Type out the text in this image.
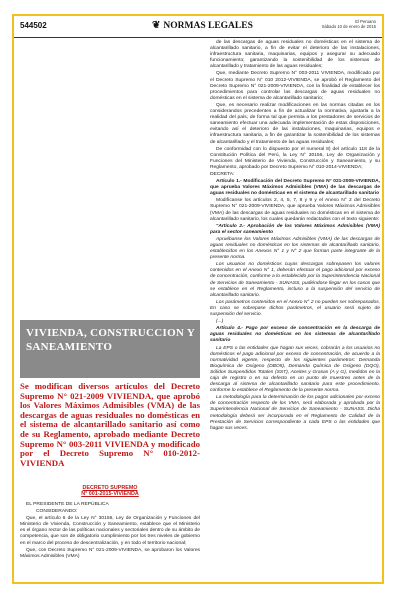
544502	❦ NORMAS LEGALES	El Peruano
Sábado 10 de enero de 2015

de las descargas de aguas residuales no domésticas en el sistema de alcantarillado sanitario, a fin de evitar el deterioro de las instalaciones, infraestructura sanitaria, maquinarias, equipos y asegurar su adecuado funcionamiento; garantizando la sostenibilidad de los sistemas de alcantarillado y tratamiento de las aguas residuales;

Que, mediante Decreto Supremo N° 003-2011 VIVIENDA, modificado por el Decreto Supremo N° 010 2012-VIVIENDA, se aprobó el Reglamento del Decreto Supremo N° 021-2009-VIVIENDA, con la finalidad de establecer los procedimientos para controlar las descargas de aguas residuales no domésticas en el sistema de alcantarillado sanitario;

Que, es necesario realizar modificaciones en las normas citadas en los considerandos precedentes a fin de actualizar la normativa, ajustarla a la realidad del país, de forma tal que permita a los prestadores de servicios de saneamiento efectuar una adecuada implementación de estas disposiciones, evitando así el deterioro de las instalaciones, maquinarias, equipos e infraestructura sanitaria, a fin de garantizar la sostenibilidad de los sistemas de alcantarillado y el tratamiento de las aguas residuales;

De conformidad con lo dispuesto por el numeral 8) del artículo 118 de la Constitución Política del Perú, la Ley N° 30156, Ley de Organización y Funciones del Ministerio de Vivienda, Construcción y Saneamiento, y su Reglamento, aprobado por Decreto Supremo N° 010-2014-VIVIENDA;

DECRETA:

Artículo 1.- Modificación del Decreto Supremo N° 021-2009-VIVIENDA, que aprueba Valores Máximos Admisibles (VMA) de las descargas de aguas residuales no domésticas en el sistema de alcantarillado sanitario

Modifícanse los artículos 2, 4, 5, 7, 8 y 9 y el Anexo N° 2 del Decreto Supremo N° 021-2009-VIVIENDA, que aprueba Valores Máximos Admisibles (VMA) de las descargas de aguas residuales no domésticas en el sistema de alcantarillado sanitario, los cuales quedarán redactados con el texto siguiente:

"Artículo 2.- Aprobación de los Valores Máximos Admisibles (VMA) para el sector saneamiento

Apruébanse los Valores Máximos Admisibles (VMA) de las descargas de aguas residuales no domésticas en los sistemas de alcantarillado sanitario, establecidos en los Anexos N° 1 y N° 2 que forman parte integrante de la presente norma.

Los usuarios no domésticos cuyas descargas sobrepasen los valores contenidos en el Anexo N° 1, deberán efectuar el pago adicional por exceso de concentración, conforme a lo establecido por la Superintendencia Nacional de Servicios de Saneamiento - SUNASS, pudiéndose llegar en los casos que se establece en el Reglamento, incluso a la suspensión del servicio de alcantarillado sanitario.

Los parámetros contenidos en el Anexo N° 2 no pueden ser sobrepasados. En caso se sobrepase dichos parámetros, el usuario será sujeto de suspensión del servicio.

(...)

Artículo 4.- Pago por exceso de concentración en la descarga de aguas residuales no domésticas en los sistemas de alcantarillado sanitario

La EPS o las entidades que hagan sus veces, cobrarán a los usuarios no domésticos el pago adicional por exceso de concentración, de acuerdo a la normatividad vigente, respecto de los siguientes parámetros: Demanda Bioquímica de Oxígeno (DBO5), Demanda Química de Oxígeno (DQO), Sólidos Suspendidos Totales (SST), Aceites y Grasas (A y G), medidos en la caja de registro o en su defecto en un punto de muestreo antes de la descarga al sistema de alcantarillado sanitario para este procedimiento, conforme lo establece el Reglamento de la presente norma.

La metodología para la determinación de los pagos adicionales por exceso de concentración respecto de los VMA, será elaborada y aprobada por la Superintendencia Nacional de Servicios de Saneamiento - SUNASS. Dicha metodología deberá ser incorporada en el Reglamento de Calidad de la Prestación de Servicios correspondiente a cada EPS o las entidades que hagan sus veces.

VIVIENDA, CONSTRUCCION Y SANEAMIENTO
Se modifican diversos artículos del Decreto Supremo N° 021-2009 VIVIENDA, que aprobó los Valores Máximos Admisibles (VMA) de las descargas de aguas residuales no domésticas en el sistema de alcantarillado sanitario así como de su Reglamento, aprobado mediante Decreto Supremo N° 003-2011 VIVIENDA y modificado por el Decreto Supremo N° 010-2012-VIVIENDA
DECRETO SUPREMO
N° 001-2015-VIVIENDA

EL PRESIDENTE DE LA REPÚBLICA

CONSIDERANDO:

Que, el artículo 6 de la Ley N° 30156, Ley de Organización y Funciones del Ministerio de Vivienda, Construcción y Saneamiento, establece que el Ministerio es el órgano rector de las políticas nacionales y sectoriales dentro de su ámbito de competencia, que son de obligatorio cumplimiento por los tres niveles de gobierno en el marco del proceso de descentralización, y en todo el territorio nacional;

Que, con Decreto Supremo N° 021-2009-VIVIENDA, se aprobaron los Valores Máximos Admisibles (VMA)
